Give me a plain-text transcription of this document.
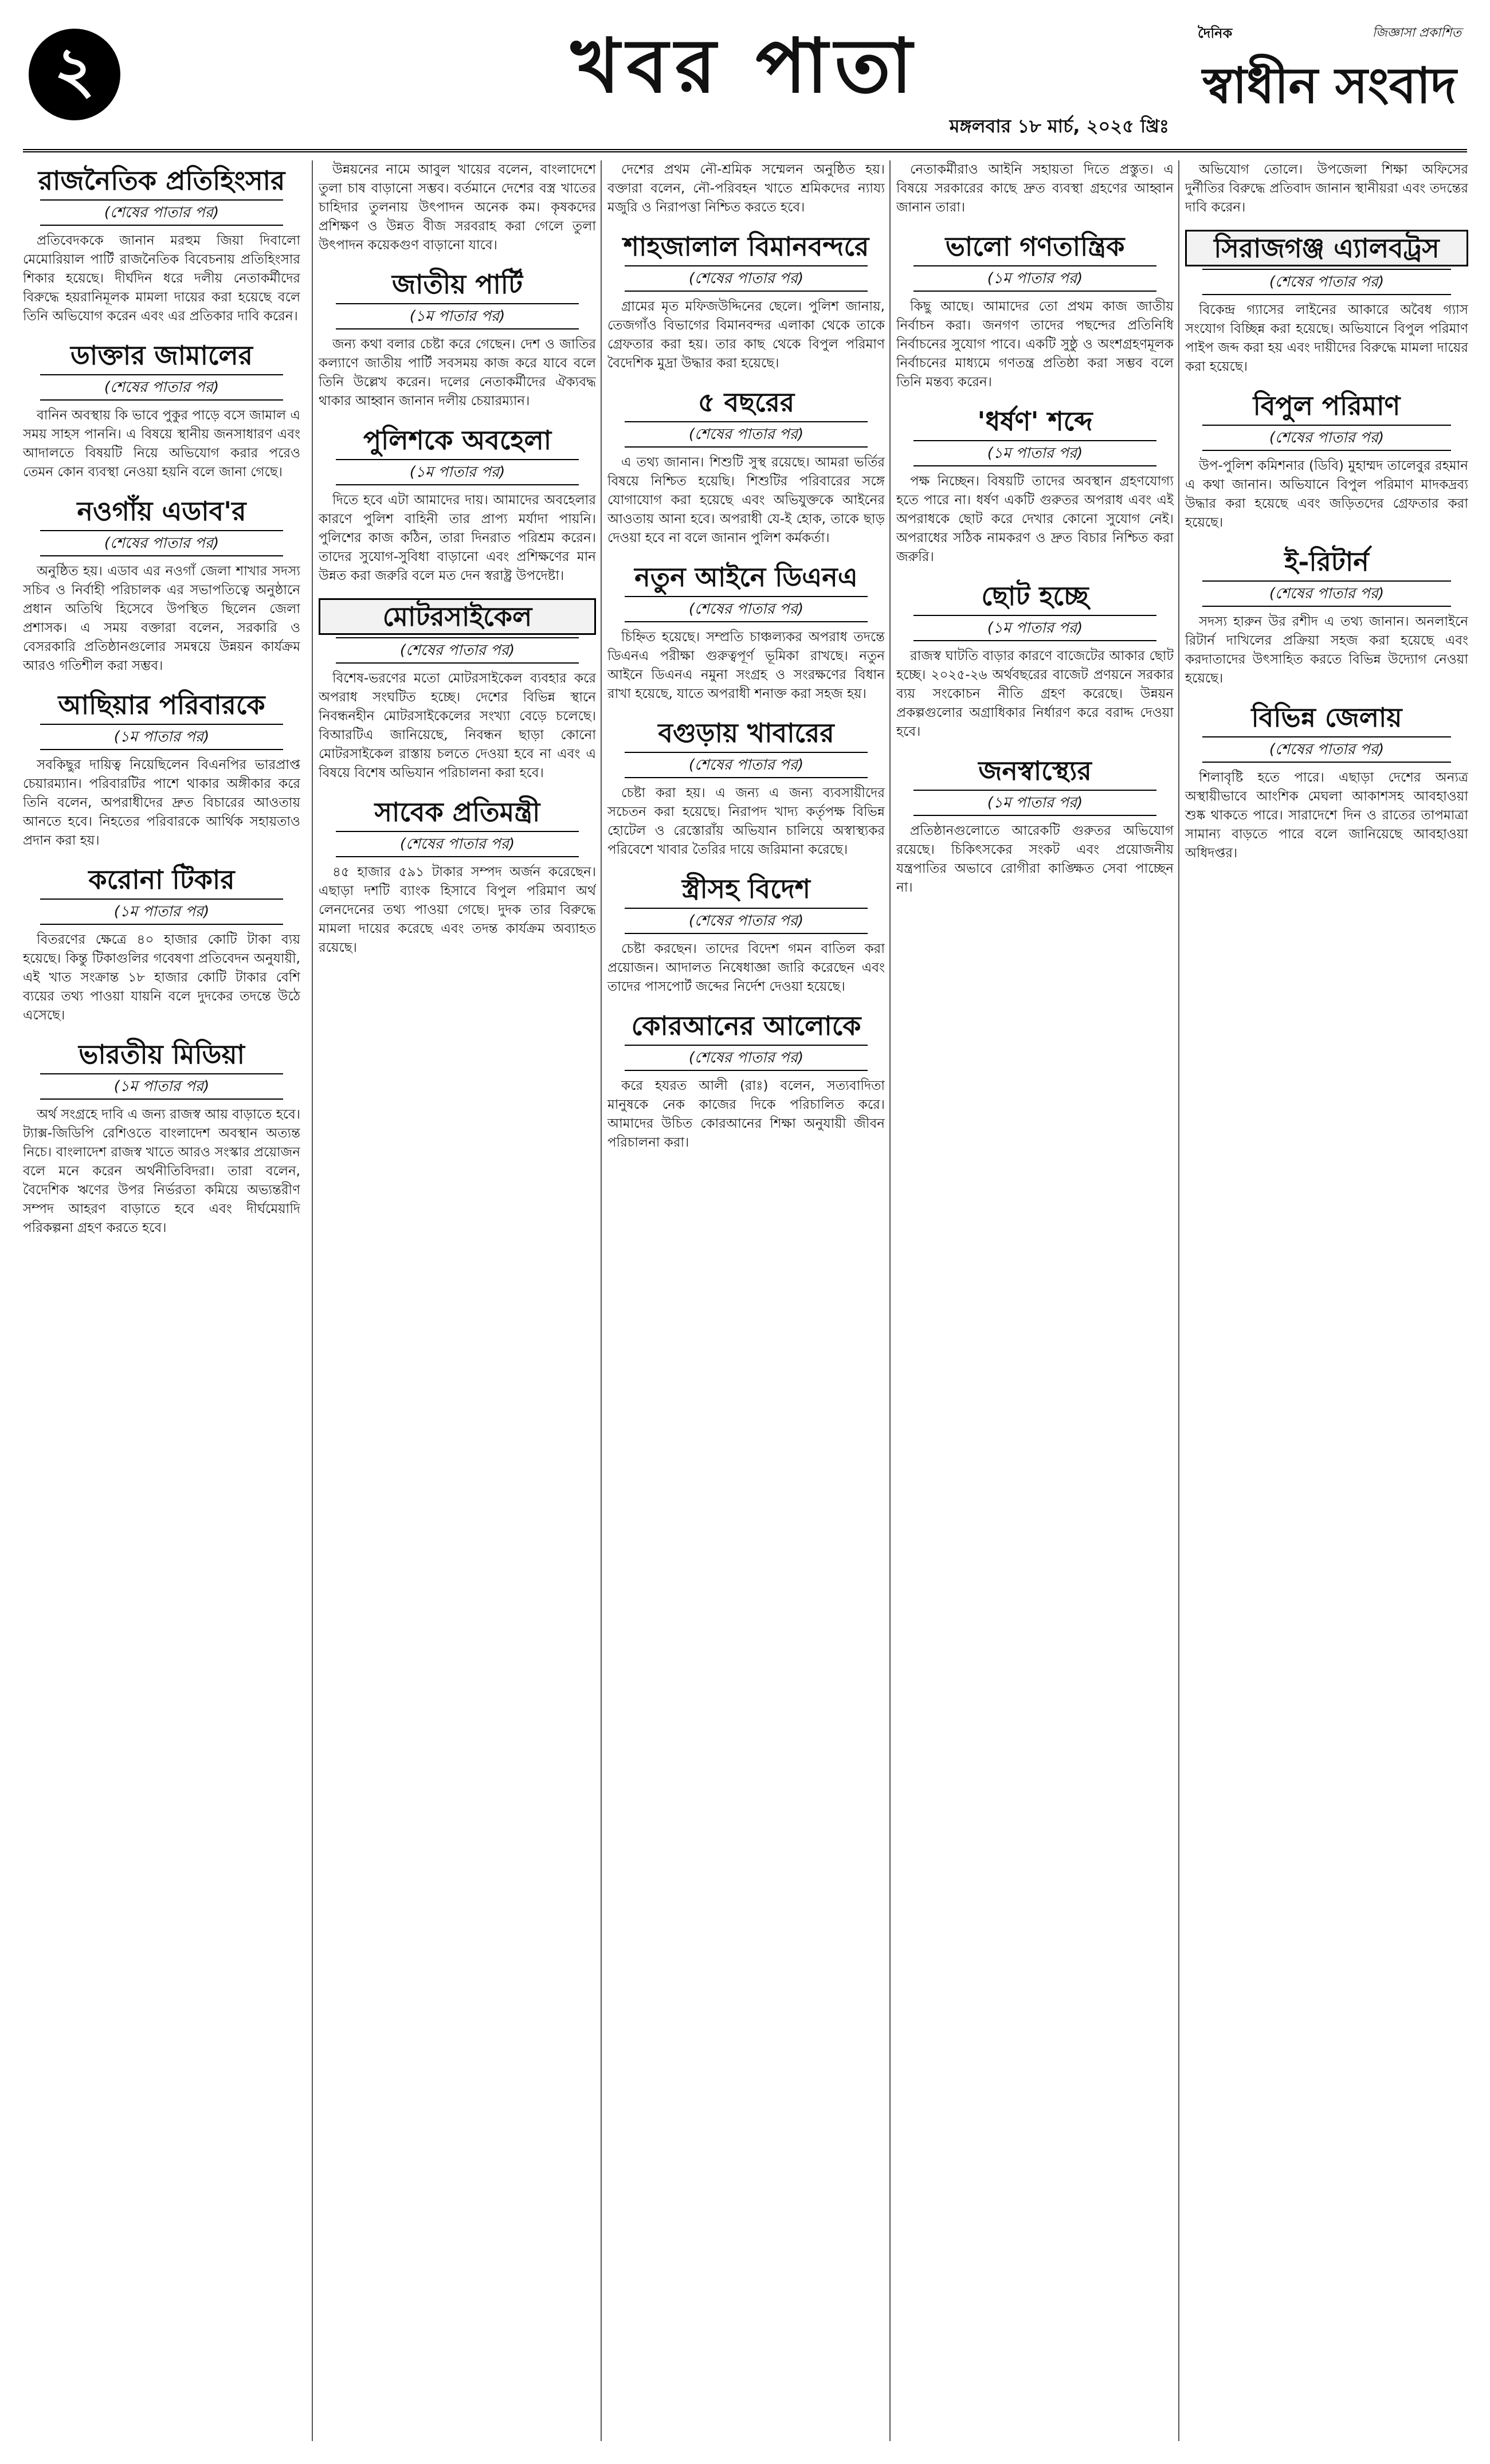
২	খবর পাতা
মঙ্গলবার ১৮ মার্চ, ২০২৫ খ্রিঃ
দৈনিক	জিজ্ঞাসা প্রকাশিত
স্বাধীন সংবাদ
রাজনৈতিক প্রতিহিংসার
(শেষের পাতার পর)

প্রতিবেদককে জানান মরহুম জিয়া দিবালো মেমোরিয়াল পার্টি রাজনৈতিক বিবেচনায় প্রতিহিংসার শিকার হয়েছে। দীর্ঘদিন ধরে দলীয় নেতাকর্মীদের বিরুদ্ধে হয়রানিমূলক মামলা দায়ের করা হয়েছে বলে তিনি অভিযোগ করেন এবং এর প্রতিকার দাবি করেন।

ডাক্তার জামালের
(শেষের পাতার পর)

বানিন অবস্থায় কি ভাবে পুকুর পাড়ে বসে জামাল এ সময় সাহস পাননি। এ বিষয়ে স্থানীয় জনসাধারণ এবং আদালতে বিষয়টি নিয়ে অভিযোগ করার পরেও তেমন কোন ব্যবস্থা নেওয়া হয়নি বলে জানা গেছে।

নওগাঁয় এডাব'র
(শেষের পাতার পর)

অনুষ্ঠিত হয়। এডাব এর নওগাঁ জেলা শাখার সদস্য সচিব ও নির্বাহী পরিচালক এর সভাপতিত্বে অনুষ্ঠানে প্রধান অতিথি হিসেবে উপস্থিত ছিলেন জেলা প্রশাসক। এ সময় বক্তারা বলেন, সরকারি ও বেসরকারি প্রতিষ্ঠানগুলোর সমন্বয়ে উন্নয়ন কার্যক্রম আরও গতিশীল করা সম্ভব।

আছিয়ার পরিবারকে
(১ম পাতার পর)

সবকিছুর দায়িত্ব নিয়েছিলেন বিএনপির ভারপ্রাপ্ত চেয়ারম্যান। পরিবারটির পাশে থাকার অঙ্গীকার করে তিনি বলেন, অপরাধীদের দ্রুত বিচারের আওতায় আনতে হবে। নিহতের পরিবারকে আর্থিক সহায়তাও প্রদান করা হয়।

করোনা টিকার
(১ম পাতার পর)

বিতরণের ক্ষেত্রে ৪০ হাজার কোটি টাকা ব্যয় হয়েছে। কিন্তু টিকাগুলির গবেষণা প্রতিবেদন অনুযায়ী, এই খাত সংক্রান্ত ১৮ হাজার কোটি টাকার বেশি ব্যয়ের তথ্য পাওয়া যায়নি বলে দুদকের তদন্তে উঠে এসেছে।

ভারতীয় মিডিয়া
(১ম পাতার পর)

অর্থ সংগ্রহে দাবি এ জন্য রাজস্ব আয় বাড়াতে হবে। ট্যাক্স-জিডিপি রেশিওতে বাংলাদেশ অবস্থান অত্যন্ত নিচে। বাংলাদেশ রাজস্ব খাতে আরও সংস্কার প্রয়োজন বলে মনে করেন অর্থনীতিবিদরা। তারা বলেন, বৈদেশিক ঋণের উপর নির্ভরতা কমিয়ে অভ্যন্তরীণ সম্পদ আহরণ বাড়াতে হবে এবং দীর্ঘমেয়াদি পরিকল্পনা গ্রহণ করতে হবে।

উন্নয়নের নামে আবুল খায়ের বলেন, বাংলাদেশে তুলা চাষ বাড়ানো সম্ভব। বর্তমানে দেশের বস্ত্র খাতের চাহিদার তুলনায় উৎপাদন অনেক কম। কৃষকদের প্রশিক্ষণ ও উন্নত বীজ সরবরাহ করা গেলে তুলা উৎপাদন কয়েকগুণ বাড়ানো যাবে।

জাতীয় পার্টি
(১ম পাতার পর)

জন্য কথা বলার চেষ্টা করে গেছেন। দেশ ও জাতির কল্যাণে জাতীয় পার্টি সবসময় কাজ করে যাবে বলে তিনি উল্লেখ করেন। দলের নেতাকর্মীদের ঐক্যবদ্ধ থাকার আহ্বান জানান দলীয় চেয়ারম্যান।

পুলিশকে অবহেলা
(১ম পাতার পর)

দিতে হবে এটা আমাদের দায়। আমাদের অবহেলার কারণে পুলিশ বাহিনী তার প্রাপ্য মর্যাদা পায়নি। পুলিশের কাজ কঠিন, তারা দিনরাত পরিশ্রম করেন। তাদের সুযোগ-সুবিধা বাড়ানো এবং প্রশিক্ষণের মান উন্নত করা জরুরি বলে মত দেন স্বরাষ্ট্র উপদেষ্টা।

মোটরসাইকেল
(শেষের পাতার পর)

বিশেষ-ভরণের মতো মোটরসাইকেল ব্যবহার করে অপরাধ সংঘটিত হচ্ছে। দেশের বিভিন্ন স্থানে নিবন্ধনহীন মোটরসাইকেলের সংখ্যা বেড়ে চলেছে। বিআরটিএ জানিয়েছে, নিবন্ধন ছাড়া কোনো মোটরসাইকেল রাস্তায় চলতে দেওয়া হবে না এবং এ বিষয়ে বিশেষ অভিযান পরিচালনা করা হবে।

সাবেক প্রতিমন্ত্রী
(শেষের পাতার পর)

৪৫ হাজার ৫৯১ টাকার সম্পদ অর্জন করেছেন। এছাড়া দশটি ব্যাংক হিসাবে বিপুল পরিমাণ অর্থ লেনদেনের তথ্য পাওয়া গেছে। দুদক তার বিরুদ্ধে মামলা দায়ের করেছে এবং তদন্ত কার্যক্রম অব্যাহত রয়েছে।

দেশের প্রথম নৌ-শ্রমিক সম্মেলন অনুষ্ঠিত হয়। বক্তারা বলেন, নৌ-পরিবহন খাতে শ্রমিকদের ন্যায্য মজুরি ও নিরাপত্তা নিশ্চিত করতে হবে।

শাহজালাল বিমানবন্দরে
(শেষের পাতার পর)

গ্রামের মৃত মফিজউদ্দিনের ছেলে। পুলিশ জানায়, তেজগাঁও বিভাগের বিমানবন্দর এলাকা থেকে তাকে গ্রেফতার করা হয়। তার কাছ থেকে বিপুল পরিমাণ বৈদেশিক মুদ্রা উদ্ধার করা হয়েছে।

৫ বছরের
(শেষের পাতার পর)

এ তথ্য জানান। শিশুটি সুস্থ রয়েছে। আমরা ভর্তির বিষয়ে নিশ্চিত হয়েছি। শিশুটির পরিবারের সঙ্গে যোগাযোগ করা হয়েছে এবং অভিযুক্তকে আইনের আওতায় আনা হবে। অপরাধী যে-ই হোক, তাকে ছাড় দেওয়া হবে না বলে জানান পুলিশ কর্মকর্তা।

নতুন আইনে ডিএনএ
(শেষের পাতার পর)

চিহ্নিত হয়েছে। সম্প্রতি চাঞ্চল্যকর অপরাধ তদন্তে ডিএনএ পরীক্ষা গুরুত্বপূর্ণ ভূমিকা রাখছে। নতুন আইনে ডিএনএ নমুনা সংগ্রহ ও সংরক্ষণের বিধান রাখা হয়েছে, যাতে অপরাধী শনাক্ত করা সহজ হয়।

বগুড়ায় খাবারের
(শেষের পাতার পর)

চেষ্টা করা হয়। এ জন্য এ জন্য ব্যবসায়ীদের সচেতন করা হয়েছে। নিরাপদ খাদ্য কর্তৃপক্ষ বিভিন্ন হোটেল ও রেস্তোরাঁয় অভিযান চালিয়ে অস্বাস্থ্যকর পরিবেশে খাবার তৈরির দায়ে জরিমানা করেছে।

স্ত্রীসহ বিদেশ
(শেষের পাতার পর)

চেষ্টা করছেন। তাদের বিদেশ গমন বাতিল করা প্রয়োজন। আদালত নিষেধাজ্ঞা জারি করেছেন এবং তাদের পাসপোর্ট জব্দের নির্দেশ দেওয়া হয়েছে।

কোরআনের আলোকে
(শেষের পাতার পর)

করে হযরত আলী (রাঃ) বলেন, সত্যবাদিতা মানুষকে নেক কাজের দিকে পরিচালিত করে। আমাদের উচিত কোরআনের শিক্ষা অনুযায়ী জীবন পরিচালনা করা।

নেতাকর্মীরাও আইনি সহায়তা দিতে প্রস্তুত। এ বিষয়ে সরকারের কাছে দ্রুত ব্যবস্থা গ্রহণের আহ্বান জানান তারা।

ভালো গণতান্ত্রিক
(১ম পাতার পর)

কিছু আছে। আমাদের তো প্রথম কাজ জাতীয় নির্বাচন করা। জনগণ তাদের পছন্দের প্রতিনিধি নির্বাচনের সুযোগ পাবে। একটি সুষ্ঠু ও অংশগ্রহণমূলক নির্বাচনের মাধ্যমে গণতন্ত্র প্রতিষ্ঠা করা সম্ভব বলে তিনি মন্তব্য করেন।

'ধর্ষণ' শব্দে
(১ম পাতার পর)

পক্ষ নিচ্ছেন। বিষয়টি তাদের অবস্থান গ্রহণযোগ্য হতে পারে না। ধর্ষণ একটি গুরুতর অপরাধ এবং এই অপরাধকে ছোট করে দেখার কোনো সুযোগ নেই। অপরাধের সঠিক নামকরণ ও দ্রুত বিচার নিশ্চিত করা জরুরি।

ছোট হচ্ছে
(১ম পাতার পর)

রাজস্ব ঘাটতি বাড়ার কারণে বাজেটের আকার ছোট হচ্ছে। ২০২৫-২৬ অর্থবছরের বাজেট প্রণয়নে সরকার ব্যয় সংকোচন নীতি গ্রহণ করেছে। উন্নয়ন প্রকল্পগুলোর অগ্রাধিকার নির্ধারণ করে বরাদ্দ দেওয়া হবে।

জনস্বাস্থ্যের
(১ম পাতার পর)

প্রতিষ্ঠানগুলোতে আরেকটি গুরুতর অভিযোগ রয়েছে। চিকিৎসকের সংকট এবং প্রয়োজনীয় যন্ত্রপাতির অভাবে রোগীরা কাঙ্ক্ষিত সেবা পাচ্ছেন না।

অভিযোগ তোলে। উপজেলা শিক্ষা অফিসের দুর্নীতির বিরুদ্ধে প্রতিবাদ জানান স্থানীয়রা এবং তদন্তের দাবি করেন।

সিরাজগঞ্জ এ্যালবট্রস
(শেষের পাতার পর)

বিকেন্দ্র গ্যাসের লাইনের আকারে অবৈধ গ্যাস সংযোগ বিচ্ছিন্ন করা হয়েছে। অভিযানে বিপুল পরিমাণ পাইপ জব্দ করা হয় এবং দায়ীদের বিরুদ্ধে মামলা দায়ের করা হয়েছে।

বিপুল পরিমাণ
(শেষের পাতার পর)

উপ-পুলিশ কমিশনার (ডিবি) মুহাম্মদ তালেবুর রহমান এ কথা জানান। অভিযানে বিপুল পরিমাণ মাদকদ্রব্য উদ্ধার করা হয়েছে এবং জড়িতদের গ্রেফতার করা হয়েছে।

ই-রিটার্ন
(শেষের পাতার পর)

সদস্য হারুন উর রশীদ এ তথ্য জানান। অনলাইনে রিটার্ন দাখিলের প্রক্রিয়া সহজ করা হয়েছে এবং করদাতাদের উৎসাহিত করতে বিভিন্ন উদ্যোগ নেওয়া হয়েছে।

বিভিন্ন জেলায়
(শেষের পাতার পর)

শিলাবৃষ্টি হতে পারে। এছাড়া দেশের অন্যত্র অস্থায়ীভাবে আংশিক মেঘলা আকাশসহ আবহাওয়া শুষ্ক থাকতে পারে। সারাদেশে দিন ও রাতের তাপমাত্রা সামান্য বাড়তে পারে বলে জানিয়েছে আবহাওয়া অধিদপ্তর।
